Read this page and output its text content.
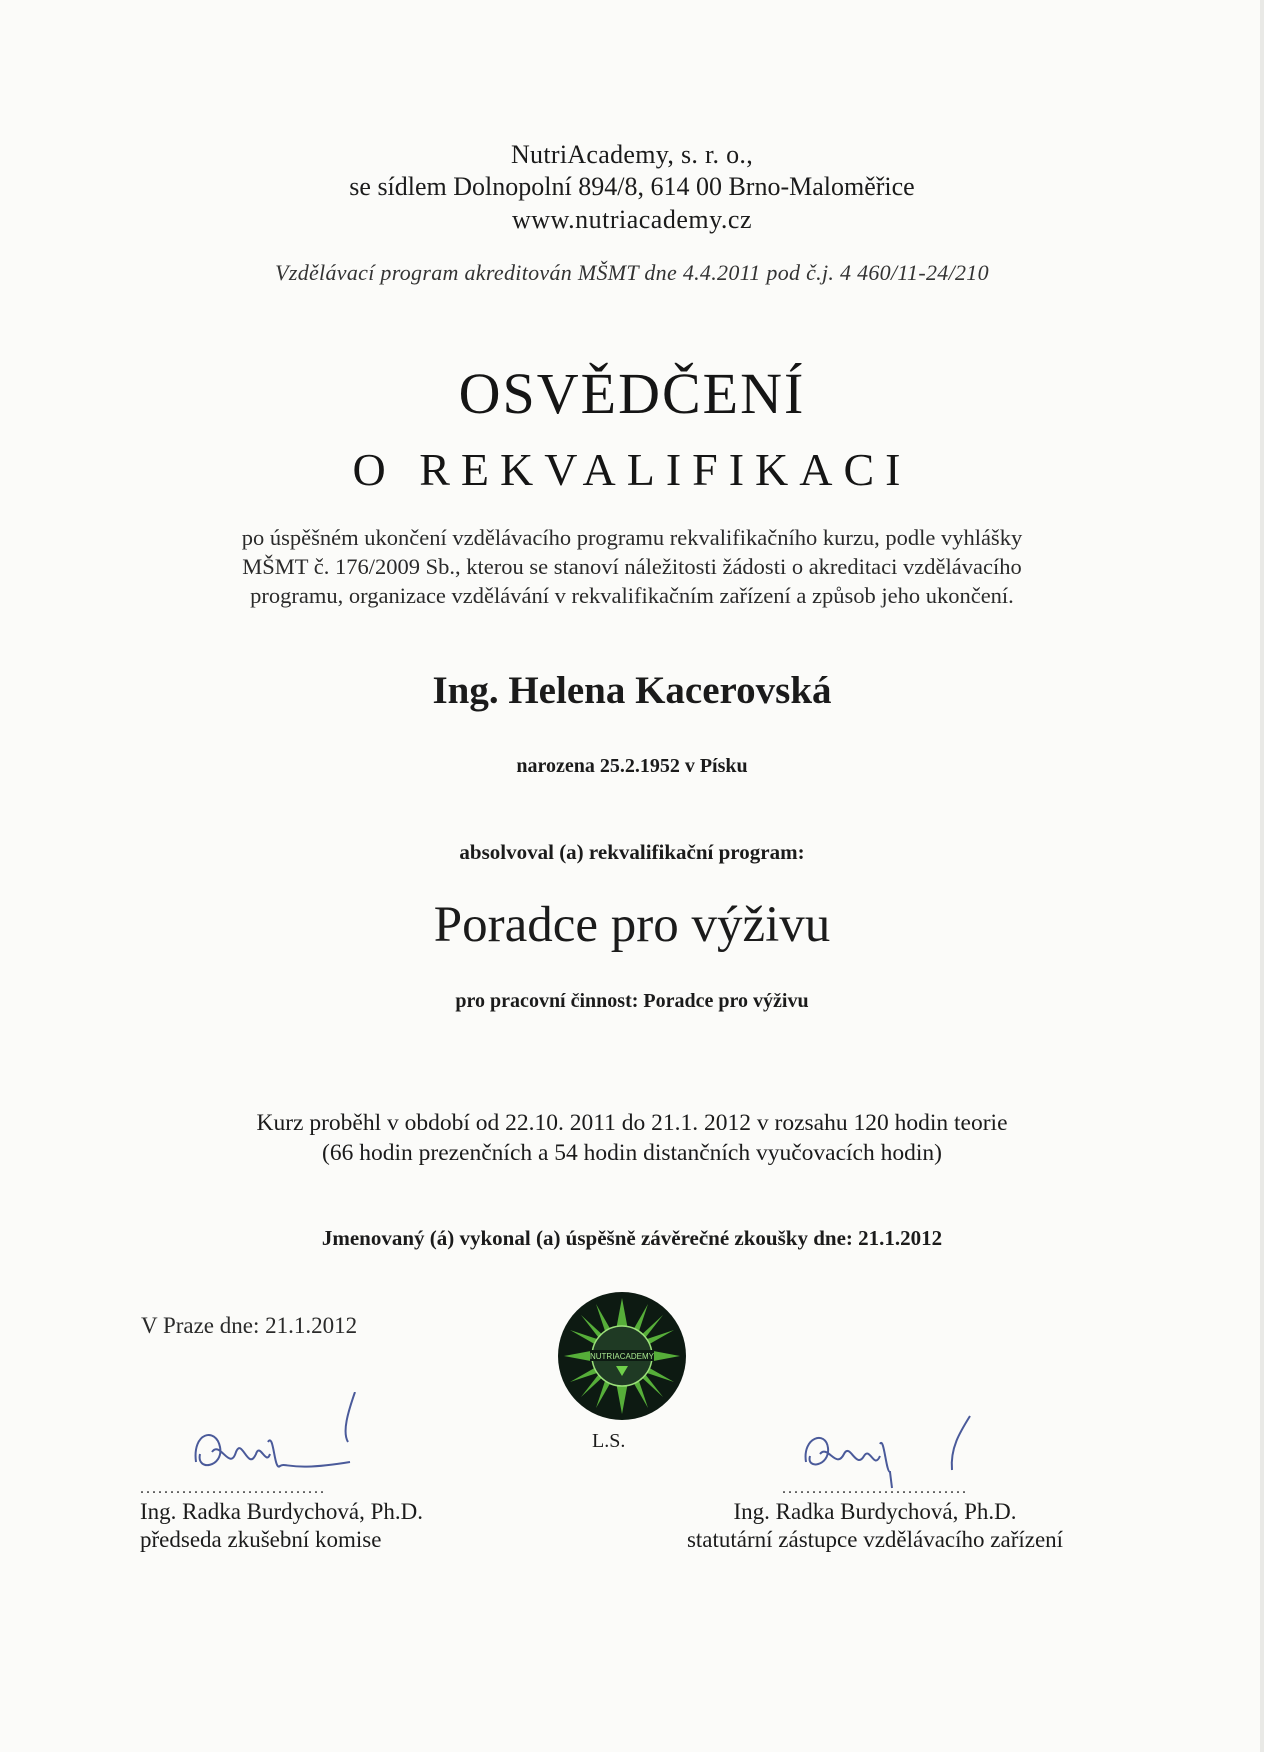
NutriAcademy, s. r. o.,
se sídlem Dolnopolní 894/8, 614 00 Brno-Maloměřice
www.nutriacademy.cz
Vzdělávací program akreditován MŠMT dne 4.4.2011 pod č.j. 4 460/11-24/210
OSVĚDČENÍ
O REKVALIFIKACI
po úspěšném ukončení vzdělávacího programu rekvalifikačního kurzu, podle vyhlášky
MŠMT č. 176/2009 Sb., kterou se stanoví náležitosti žádosti o akreditaci vzdělávacího
programu, organizace vzdělávání v rekvalifikačním zařízení a způsob jeho ukončení.
Ing. Helena Kacerovská
narozena 25.2.1952 v Písku
absolvoval (a) rekvalifikační program:
Poradce pro výživu
pro pracovní činnost: Poradce pro výživu
Kurz proběhl v období od 22.10. 2011 do 21.1. 2012 v rozsahu 120 hodin teorie
(66 hodin prezenčních a 54 hodin distančních vyučovacích hodin)
Jmenovaný (á) vykonal (a) úspěšně závěrečné zkoušky dne: 21.1.2012
V Praze dne: 21.1.2012
NUTRIACADEMY
L.S.
...............................
Ing. Radka Burdychová, Ph.D.
předseda zkušební komise
...............................
Ing. Radka Burdychová, Ph.D.
statutární zástupce vzdělávacího zařízení
